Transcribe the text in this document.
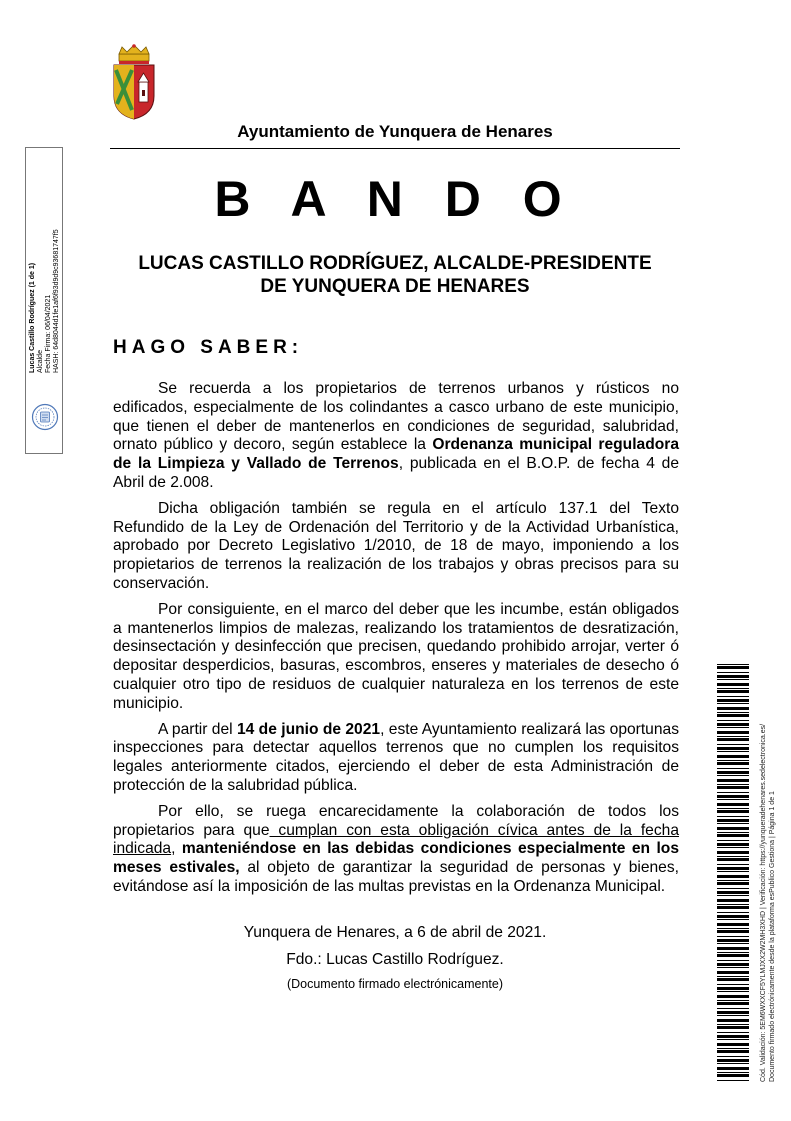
Ayuntamiento de Yunquera de Henares
B A N D O
LUCAS CASTILLO RODRÍGUEZ, ALCALDE-PRESIDENTE
DE YUNQUERA DE HENARES
HAGO SABER:

Se recuerda a los propietarios de terrenos urbanos y rústicos no edificados, especialmente de los colindantes a casco urbano de este municipio, que tienen el deber de mantenerlos en condiciones de seguridad, salubridad, ornato público y decoro, según establece la Ordenanza municipal reguladora de la Limpieza y Vallado de Terrenos, publicada en el B.O.P. de fecha 4 de Abril de 2.008.

Dicha obligación también se regula en el artículo 137.1 del Texto Refundido de la Ley de Ordenación del Territorio y de la Actividad Urbanística, aprobado por Decreto Legislativo 1/2010, de 18 de mayo, imponiendo a los propietarios de terrenos la realización de los trabajos y obras precisos para su conservación.

Por consiguiente, en el marco del deber que les incumbe, están obligados a mantenerlos limpios de malezas, realizando los tratamientos de desratización, desinsectación y desinfección que precisen, quedando prohibido arrojar, verter ó depositar desperdicios, basuras, escombros, enseres y materiales de desecho ó cualquier otro tipo de residuos de cualquier naturaleza en los terrenos de este municipio.

A partir del 14 de junio de 2021, este Ayuntamiento realizará las oportunas inspecciones para detectar aquellos terrenos que no cumplen los requisitos legales anteriormente citados, ejerciendo el deber de esta Administración de protección de la salubridad pública.

Por ello, se ruega encarecidamente la colaboración de todos los propietarios para que cumplan con esta obligación cívica antes de la fecha indicada, manteniéndose en las debidas condiciones especialmente en los meses estivales, al objeto de garantizar la seguridad de personas y bienes, evitándose así la imposición de las multas previstas en la Ordenanza Municipal.

Yunquera de Henares, a 6 de abril de 2021.
Fdo.: Lucas Castillo Rodríguez.
(Documento firmado electrónicamente)
Lucas Castillo Rodríguez (1 de 1) Alcalde Fecha Firma: 06/04/2021 HASH: 64d8044d1fe1af6f93d9d9c93681747f5
Cód. Validación: 5EM6WXXCF5YLMJXX2W2MH3XHD | Verificación: https://yunqueradehenares.sedelectronica.es/ Documento firmado electrónicamente desde la plataforma esPublico Gestiona | Página 1 de 1
